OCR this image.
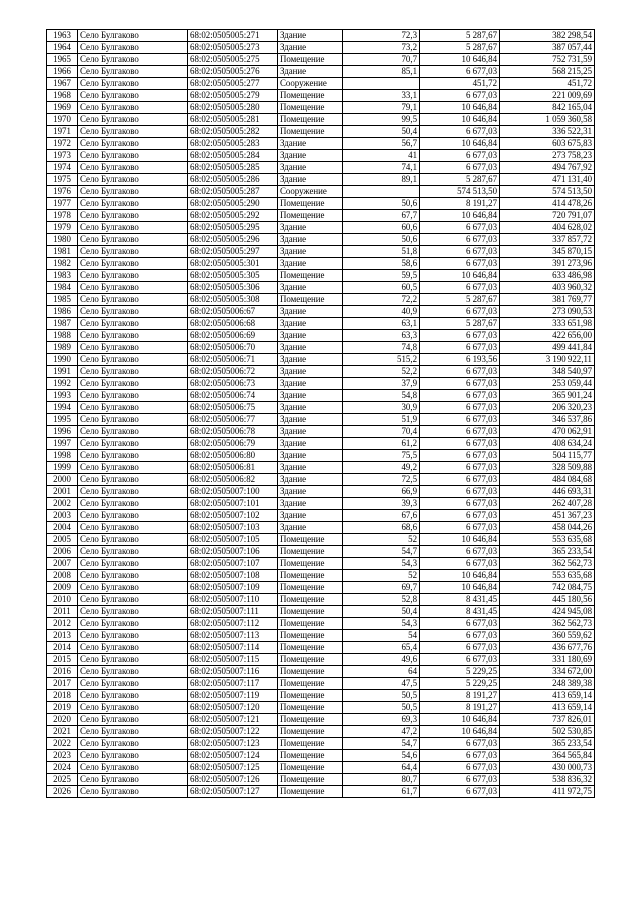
1963	Село Булгаково	68:02:0505005:271	Здание	72,3	5 287,67	382 298,54
1964	Село Булгаково	68:02:0505005:273	Здание	73,2	5 287,67	387 057,44
1965	Село Булгаково	68:02:0505005:275	Помещение	70,7	10 646,84	752 731,59
1966	Село Булгаково	68:02:0505005:276	Здание	85,1	6 677,03	568 215,25
1967	Село Булгаково	68:02:0505005:277	Сооружение		451,72	451,72
1968	Село Булгаково	68:02:0505005:279	Помещение	33,1	6 677,03	221 009,69
1969	Село Булгаково	68:02:0505005:280	Помещение	79,1	10 646,84	842 165,04
1970	Село Булгаково	68:02:0505005:281	Помещение	99,5	10 646,84	1 059 360,58
1971	Село Булгаково	68:02:0505005:282	Помещение	50,4	6 677,03	336 522,31
1972	Село Булгаково	68:02:0505005:283	Здание	56,7	10 646,84	603 675,83
1973	Село Булгаково	68:02:0505005:284	Здание	41	6 677,03	273 758,23
1974	Село Булгаково	68:02:0505005:285	Здание	74,1	6 677,03	494 767,92
1975	Село Булгаково	68:02:0505005:286	Здание	89,1	5 287,67	471 131,40
1976	Село Булгаково	68:02:0505005:287	Сооружение		574 513,50	574 513,50
1977	Село Булгаково	68:02:0505005:290	Помещение	50,6	8 191,27	414 478,26
1978	Село Булгаково	68:02:0505005:292	Помещение	67,7	10 646,84	720 791,07
1979	Село Булгаково	68:02:0505005:295	Здание	60,6	6 677,03	404 628,02
1980	Село Булгаково	68:02:0505005:296	Здание	50,6	6 677,03	337 857,72
1981	Село Булгаково	68:02:0505005:297	Здание	51,8	6 677,03	345 870,15
1982	Село Булгаково	68:02:0505005:301	Здание	58,6	6 677,03	391 273,96
1983	Село Булгаково	68:02:0505005:305	Помещение	59,5	10 646,84	633 486,98
1984	Село Булгаково	68:02:0505005:306	Здание	60,5	6 677,03	403 960,32
1985	Село Булгаково	68:02:0505005:308	Помещение	72,2	5 287,67	381 769,77
1986	Село Булгаково	68:02:0505006:67	Здание	40,9	6 677,03	273 090,53
1987	Село Булгаково	68:02:0505006:68	Здание	63,1	5 287,67	333 651,98
1988	Село Булгаково	68:02:0505006:69	Здание	63,3	6 677,03	422 656,00
1989	Село Булгаково	68:02:0505006:70	Здание	74,8	6 677,03	499 441,84
1990	Село Булгаково	68:02:0505006:71	Здание	515,2	6 193,56	3 190 922,11
1991	Село Булгаково	68:02:0505006:72	Здание	52,2	6 677,03	348 540,97
1992	Село Булгаково	68:02:0505006:73	Здание	37,9	6 677,03	253 059,44
1993	Село Булгаково	68:02:0505006:74	Здание	54,8	6 677,03	365 901,24
1994	Село Булгаково	68:02:0505006:75	Здание	30,9	6 677,03	206 320,23
1995	Село Булгаково	68:02:0505006:77	Здание	51,9	6 677,03	346 537,86
1996	Село Булгаково	68:02:0505006:78	Здание	70,4	6 677,03	470 062,91
1997	Село Булгаково	68:02:0505006:79	Здание	61,2	6 677,03	408 634,24
1998	Село Булгаково	68:02:0505006:80	Здание	75,5	6 677,03	504 115,77
1999	Село Булгаково	68:02:0505006:81	Здание	49,2	6 677,03	328 509,88
2000	Село Булгаково	68:02:0505006:82	Здание	72,5	6 677,03	484 084,68
2001	Село Булгаково	68:02:0505007:100	Здание	66,9	6 677,03	446 693,31
2002	Село Булгаково	68:02:0505007:101	Здание	39,3	6 677,03	262 407,28
2003	Село Булгаково	68:02:0505007:102	Здание	67,6	6 677,03	451 367,23
2004	Село Булгаково	68:02:0505007:103	Здание	68,6	6 677,03	458 044,26
2005	Село Булгаково	68:02:0505007:105	Помещение	52	10 646,84	553 635,68
2006	Село Булгаково	68:02:0505007:106	Помещение	54,7	6 677,03	365 233,54
2007	Село Булгаково	68:02:0505007:107	Помещение	54,3	6 677,03	362 562,73
2008	Село Булгаково	68:02:0505007:108	Помещение	52	10 646,84	553 635,68
2009	Село Булгаково	68:02:0505007:109	Помещение	69,7	10 646,84	742 084,75
2010	Село Булгаково	68:02:0505007:110	Помещение	52,8	8 431,45	445 180,56
2011	Село Булгаково	68:02:0505007:111	Помещение	50,4	8 431,45	424 945,08
2012	Село Булгаково	68:02:0505007:112	Помещение	54,3	6 677,03	362 562,73
2013	Село Булгаково	68:02:0505007:113	Помещение	54	6 677,03	360 559,62
2014	Село Булгаково	68:02:0505007:114	Помещение	65,4	6 677,03	436 677,76
2015	Село Булгаково	68:02:0505007:115	Помещение	49,6	6 677,03	331 180,69
2016	Село Булгаково	68:02:0505007:116	Помещение	64	5 229,25	334 672,00
2017	Село Булгаково	68:02:0505007:117	Помещение	47,5	5 229,25	248 389,38
2018	Село Булгаково	68:02:0505007:119	Помещение	50,5	8 191,27	413 659,14
2019	Село Булгаково	68:02:0505007:120	Помещение	50,5	8 191,27	413 659,14
2020	Село Булгаково	68:02:0505007:121	Помещение	69,3	10 646,84	737 826,01
2021	Село Булгаково	68:02:0505007:122	Помещение	47,2	10 646,84	502 530,85
2022	Село Булгаково	68:02:0505007:123	Помещение	54,7	6 677,03	365 233,54
2023	Село Булгаково	68:02:0505007:124	Помещение	54,6	6 677,03	364 565,84
2024	Село Булгаково	68:02:0505007:125	Помещение	64,4	6 677,03	430 000,73
2025	Село Булгаково	68:02:0505007:126	Помещение	80,7	6 677,03	538 836,32
2026	Село Булгаково	68:02:0505007:127	Помещение	61,7	6 677,03	411 972,75
